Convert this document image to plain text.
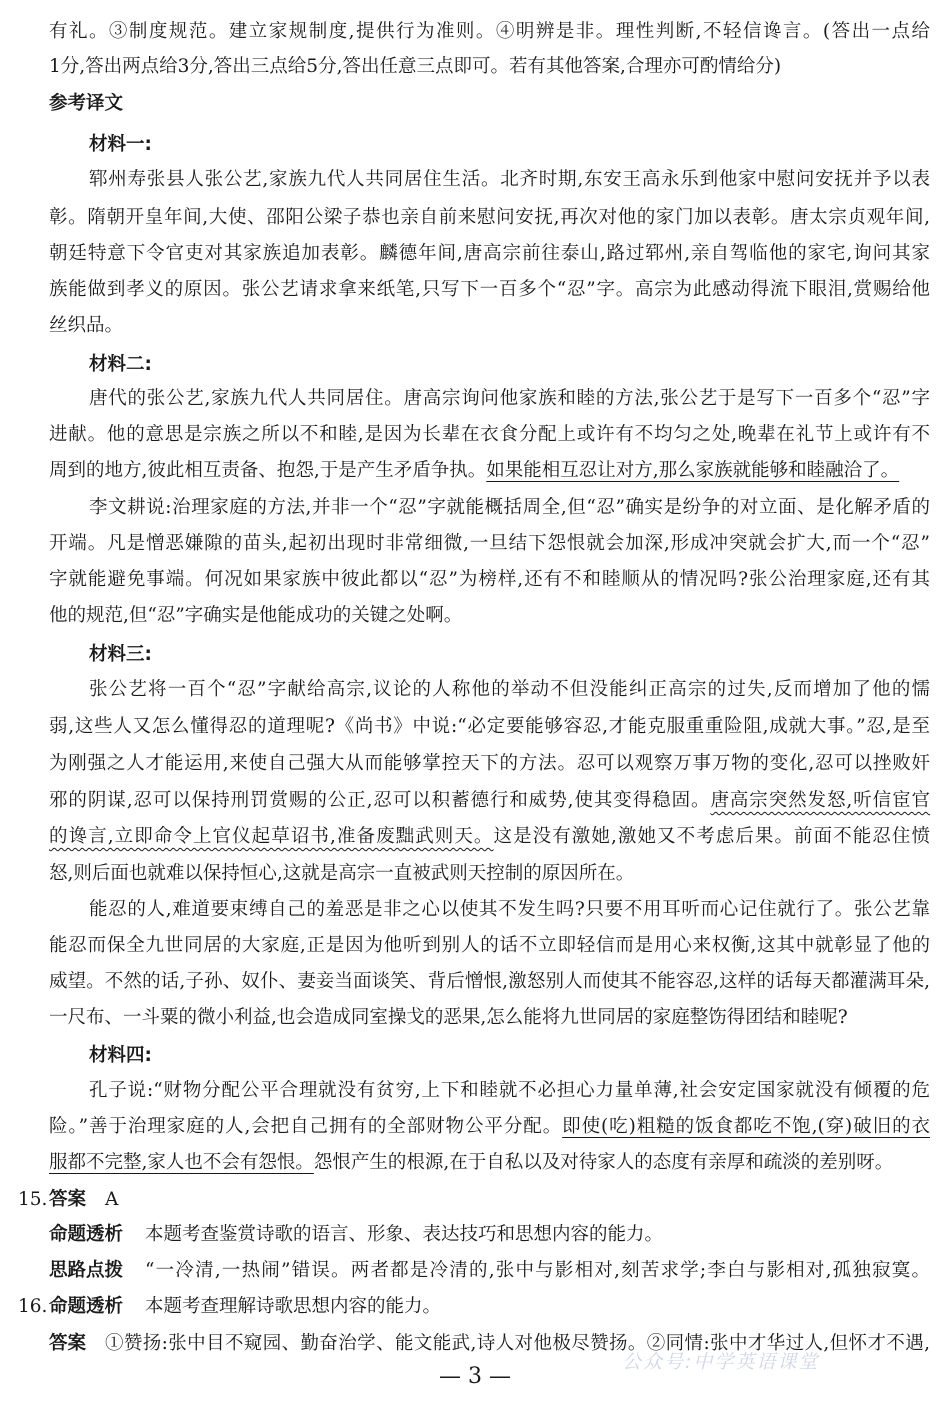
有礼。③制度规范。建立家规制度,提供行为准则。④明辨是非。理性判断,不轻信谗言。(答出一点给
1分,答出两点给3分,答出三点给5分,答出任意三点即可。若有其他答案,合理亦可酌情给分)
参考译文
材料一:
郓州寿张县人张公艺,家族九代人共同居住生活。北齐时期,东安王高永乐到他家中慰问安抚并予以表
彰。隋朝开皇年间,大使、邵阳公梁子恭也亲自前来慰问安抚,再次对他的家门加以表彰。唐太宗贞观年间,
朝廷特意下令官吏对其家族追加表彰。麟德年间,唐高宗前往泰山,路过郓州,亲自驾临他的家宅,询问其家
族能做到孝义的原因。张公艺请求拿来纸笔,只写下一百多个“忍”字。高宗为此感动得流下眼泪,赏赐给他
丝织品。
材料二:
唐代的张公艺,家族九代人共同居住。唐高宗询问他家族和睦的方法,张公艺于是写下一百多个“忍”字
进献。他的意思是宗族之所以不和睦,是因为长辈在衣食分配上或许有不均匀之处,晚辈在礼节上或许有不
周到的地方,彼此相互责备、抱怨,于是产生矛盾争执。如果能相互忍让对方,那么家族就能够和睦融洽了。
李文耕说:治理家庭的方法,并非一个“忍”字就能概括周全,但“忍”确实是纷争的对立面、是化解矛盾的
开端。凡是憎恶嫌隙的苗头,起初出现时非常细微,一旦结下怨恨就会加深,形成冲突就会扩大,而一个“忍”
字就能避免事端。何况如果家族中彼此都以“忍”为榜样,还有不和睦顺从的情况吗?张公治理家庭,还有其
他的规范,但“忍”字确实是他能成功的关键之处啊。
材料三:
张公艺将一百个“忍”字献给高宗,议论的人称他的举动不但没能纠正高宗的过失,反而增加了他的懦
弱,这些人又怎么懂得忍的道理呢?《尚书》中说:“必定要能够容忍,才能克服重重险阻,成就大事。”忍,是至
为刚强之人才能运用,来使自己强大从而能够掌控天下的方法。忍可以观察万事万物的变化,忍可以挫败奸
邪的阴谋,忍可以保持刑罚赏赐的公正,忍可以积蓄德行和威势,使其变得稳固。唐高宗突然发怒,听信宦官
的谗言,立即命令上官仪起草诏书,准备废黜武则天。这是没有激她,激她又不考虑后果。前面不能忍住愤
怒,则后面也就难以保持恒心,这就是高宗一直被武则天控制的原因所在。
能忍的人,难道要束缚自己的羞恶是非之心以使其不发生吗?只要不用耳听而心记住就行了。张公艺靠
能忍而保全九世同居的大家庭,正是因为他听到别人的话不立即轻信而是用心来权衡,这其中就彰显了他的
威望。不然的话,子孙、奴仆、妻妾当面谈笑、背后憎恨,激怒别人而使其不能容忍,这样的话每天都灌满耳朵,
一尺布、一斗粟的微小利益,也会造成同室操戈的恶果,怎么能将九世同居的家庭整饬得团结和睦呢?
材料四:
孔子说:“财物分配公平合理就没有贫穷,上下和睦就不必担心力量单薄,社会安定国家就没有倾覆的危
险。”善于治理家庭的人,会把自己拥有的全部财物公平分配。即使(吃)粗糙的饭食都吃不饱,(穿)破旧的衣
服都不完整,家人也不会有怨恨。怨恨产生的根源,在于自私以及对待家人的态度有亲厚和疏淡的差别呀。
15. 答案 A
命题透析 本题考查鉴赏诗歌的语言、形象、表达技巧和思想内容的能力。
思路点拨 “一冷清,一热闹”错误。两者都是冷清的,张中与影相对,刻苦求学;李白与影相对,孤独寂寞。
16. 命题透析 本题考查理解诗歌思想内容的能力。
答案 ①赞扬:张中目不窥园、勤奋治学、能文能武,诗人对他极尽赞扬。②同情:张中才华过人,但怀才不遇,
公众号:中学英语课堂
— 3 —
